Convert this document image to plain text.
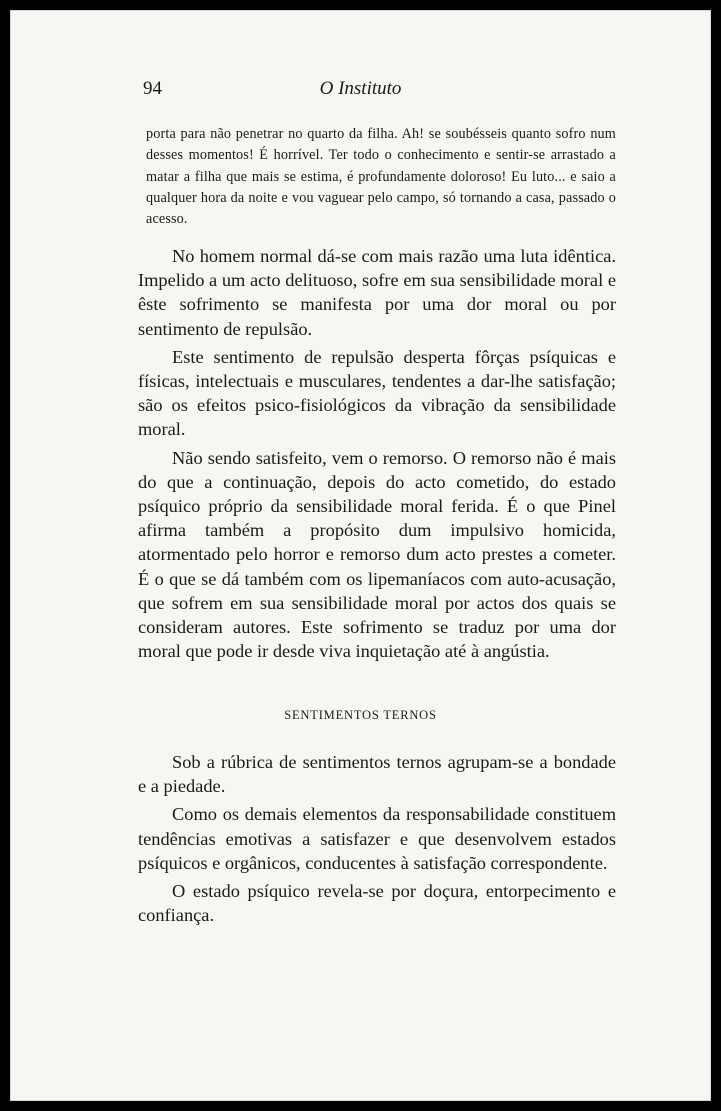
94	O Instituto
porta para não penetrar no quarto da filha. Ah! se soubésseis quanto sofro num desses momentos! É horrível. Ter todo o conhecimento e sentir-se arrastado a matar a filha que mais se estima, é profundamente doloroso! Eu luto... e saio a qualquer hora da noite e vou vaguear pelo campo, só tornando a casa, passado o acesso.

No homem normal dá-se com mais razão uma luta idêntica. Impelido a um acto delituoso, sofre em sua sensibilidade moral e êste sofrimento se manifesta por uma dor moral ou por sentimento de repulsão.

Este sentimento de repulsão desperta fôrças psíquicas e físicas, intelectuais e musculares, tendentes a dar-lhe satisfação; são os efeitos psico-fisiológicos da vibração da sensibilidade moral.

Não sendo satisfeito, vem o remorso. O remorso não é mais do que a continuação, depois do acto cometido, do estado psíquico próprio da sensibilidade moral ferida. É o que Pinel afirma também a propósito dum impulsivo homicida, atormentado pelo horror e remorso dum acto prestes a cometer. É o que se dá também com os lipemaníacos com auto-acusação, que sofrem em sua sensibilidade moral por actos dos quais se consideram autores. Este sofrimento se traduz por uma dor moral que pode ir desde viva inquietação até à angústia.

SENTIMENTOS TERNOS

Sob a rúbrica de sentimentos ternos agrupam-se a bondade e a piedade.

Como os demais elementos da responsabilidade constituem tendências emotivas a satisfazer e que desenvolvem estados psíquicos e orgânicos, conducentes à satisfação correspondente.

O estado psíquico revela-se por doçura, entorpecimento e confiança.
